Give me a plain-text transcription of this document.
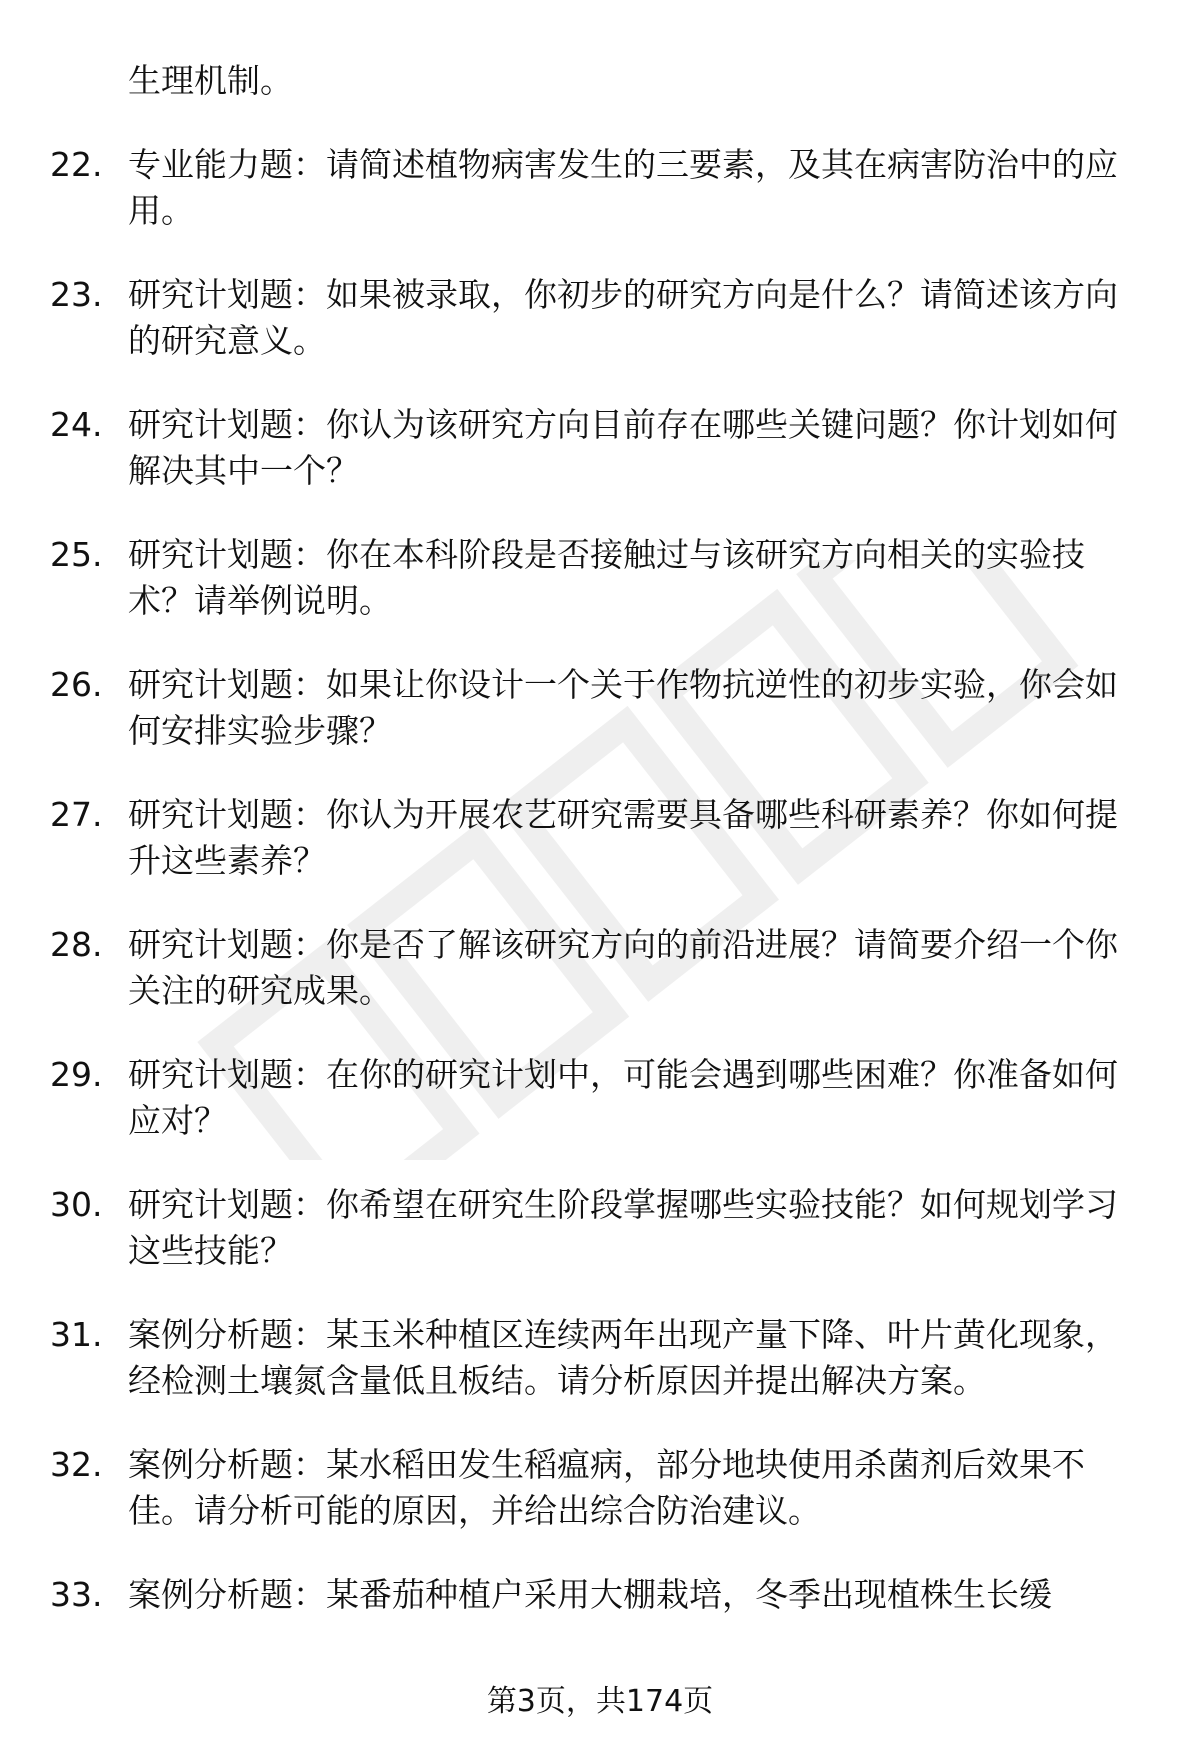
生理机制。
22. 专业能力题：请简述植物病害发生的三要素，及其在病害防治中的应用。
23. 研究计划题：如果被录取，你初步的研究方向是什么？请简述该方向的研究意义。
24. 研究计划题：你认为该研究方向目前存在哪些关键问题？你计划如何解决其中一个？
25. 研究计划题：你在本科阶段是否接触过与该研究方向相关的实验技术？请举例说明。
26. 研究计划题：如果让你设计一个关于作物抗逆性的初步实验，你会如何安排实验步骤？
27. 研究计划题：你认为开展农艺研究需要具备哪些科研素养？你如何提升这些素养？
28. 研究计划题：你是否了解该研究方向的前沿进展？请简要介绍一个你关注的研究成果。
29. 研究计划题：在你的研究计划中，可能会遇到哪些困难？你准备如何应对？
30. 研究计划题：你希望在研究生阶段掌握哪些实验技能？如何规划学习这些技能？
31. 案例分析题：某玉米种植区连续两年出现产量下降、叶片黄化现象，经检测土壤氮含量低且板结。请分析原因并提出解决方案。
32. 案例分析题：某水稻田发生稻瘟病，部分地块使用杀菌剂后效果不佳。请分析可能的原因，并给出综合防治建议。
33. 案例分析题：某番茄种植户采用大棚栽培，冬季出现植株生长缓
第3页，共174页
